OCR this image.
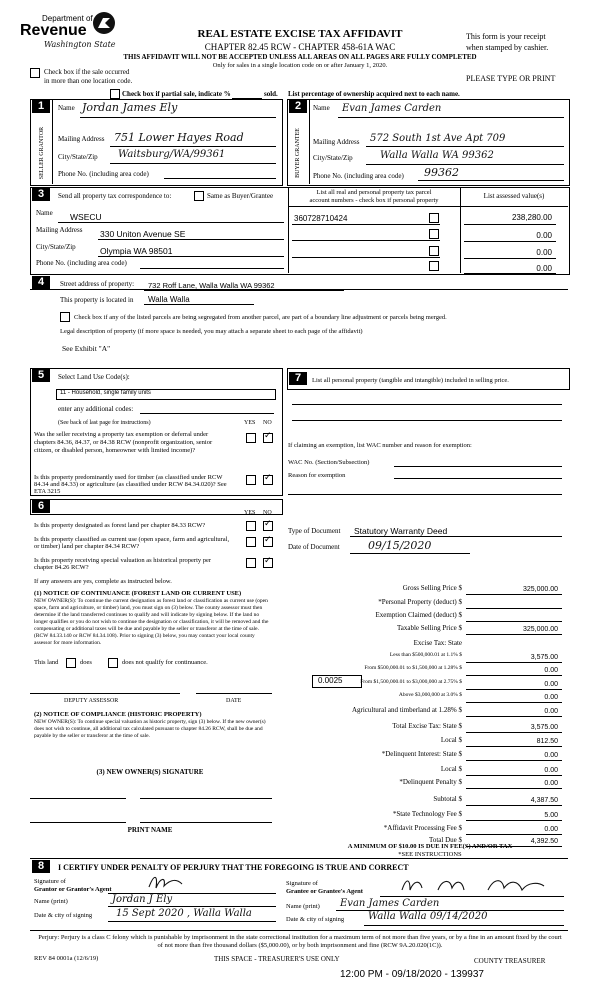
Department of
Revenue
Washington State
REAL ESTATE EXCISE TAX AFFIDAVIT
CHAPTER 82.45 RCW - CHAPTER 458-61A WAC
THIS AFFIDAVIT WILL NOT BE ACCEPTED UNLESS ALL AREAS ON ALL PAGES ARE FULLY COMPLETED
Only for sales in a single location code on or after January 1, 2020.
This form is your receipt
when stamped by cashier.
Check box if the sale occurred
in more than one location code.	PLEASE TYPE OR PRINT
Check box if partial sale, indicate %	sold. List percentage of ownership acquired next to each name.
1
SELLER GRANTOR
Name Jordan James Ely
Mailing Address 751 Lower Hayes Road
City/State/Zip Waitsburg/WA/99361
Phone No. (including area code)
2
BUYER GRANTEE
Name Evan James Carden
Mailing Address 572 South 1st Ave Apt 709
City/State/Zip	Walla Walla WA 99362
Phone No. (including area code) 99362
3	Send all property tax correspondence to:	Same as Buyer/Grantee	List all real and personal property tax parcel
account numbers - check box if personal property
List assessed value(s)
Name WSECU
Mailing Address 330 Uniton Avenue SE
City/State/Zip	Olympia WA 98501
Phone No. (including area code)
360728710424	238,280.00
0.00
0.00
0.00
4	Street address of property: 732 Roff Lane, Walla Walla WA 99362
This property is located in Walla Walla
Check box if any of the listed parcels are being segregated from another parcel, are part of a boundary line adjustment or parcels being merged.
Legal description of property (if more space is needed, you may attach a separate sheet to each page of the affidavit)
See Exhibit "A"
5	Select Land Use Code(s):
11 - Household, single family units
enter any additional codes:
(See back of last page for instructions)	YES NO
Was the seller receiving a property tax exemption or deferral under chapters 84.36, 84.37, or 84.38 RCW (nonprofit organization, senior citizen, or disabled person, homeowner with limited income)?
✓
Is this property predominantly used for timber (as classified under RCW 84.34 and 84.33) or agriculture (as classified under RCW 84.34.020)? See ETA 3215
✓
6
YES NO
Is this property designated as forest land per chapter 84.33 RCW?
✓
Is this property classified as current use (open space, farm and agricultural, or timber) land per chapter 84.34 RCW?
✓
Is this property receiving special valuation as historical property per chapter 84.26 RCW?
✓
If any answers are yes, complete as instructed below.
(1) NOTICE OF CONTINUANCE (FOREST LAND OR CURRENT USE)
NEW OWNER(S): To continue the current designation as forest land or classification as current use (open space, farm and agriculture, or timber) land, you must sign on (3) below. The county assessor must then determine if the land transferred continues to qualify and will indicate by signing below. If the land no longer qualifies or you do not wish to continue the designation or classification, it will be removed and the compensating or additional taxes will be due and payable by the seller or transferor at the time of sale. (RCW 84.33.140 or RCW 84.34.108). Prior to signing (3) below, you may contact your local county assessor for more information.
This land	does	does not qualify for continuance.
DEPUTY ASSESSOR	DATE
(2) NOTICE OF COMPLIANCE (HISTORIC PROPERTY)
NEW OWNER(S): To continue special valuation as historic property, sign (3) below. If the new owner(s) does not wish to continue, all additional tax calculated pursuant to chapter 84.26 RCW, shall be due and payable by the seller or transferor at the time of sale.
(3) NEW OWNER(S) SIGNATURE
PRINT NAME
7	List all personal property (tangible and intangible) included in selling price.
If claiming an exemption, list WAC number and reason for exemption:
WAC No. (Section/Subsection)
Reason for exemption
Type of Document Statutory Warranty Deed
Date of Document	09/15/2020
Gross Selling Price $	325,000.00
*Personal Property (deduct) $
Exemption Claimed (deduct) $
Taxable Selling Price $	325,000.00
Excise Tax: State
Less than $500,000.01 at 1.1% $	3,575.00
From $500,000.01 to $1,500,000 at 1.28% $	0.00
From $1,500,000.01 to $3,000,000 at 2.75% $	0.00
Above $3,000,000 at 3.0% $	0.00
Agricultural and timberland at 1.28% $	0.00
Total Excise Tax: State $	3,575.00
Local $	812.50
*Delinquent Interest: State $	0.00
Local $	0.00
*Delinquent Penalty $	0.00
Subtotal $	4,387.50
*State Technology Fee $	5.00
*Affidavit Processing Fee $	0.00
Total Due $	4,392.50
0.0025
A MINIMUM OF $10.00 IS DUE IN FEE(S) AND/OR TAX
*SEE INSTRUCTIONS
8	I CERTIFY UNDER PENALTY OF PERJURY THAT THE FOREGOING IS TRUE AND CORRECT
Signature of
Grantor or Grantor's Agent
Name (print)	Jordan J Ely
Date & city of signing 15 Sept 2020 , Walla Walla
Signature of
Grantee or Grantee's Agent
Name (print) Evan James Carden
Date & city of signing Walla Walla 09/14/2020
Perjury: Perjury is a class C felony which is punishable by imprisonment in the state correctional institution for a maximum term of not more than five years, or by a fine in an amount fixed by the court of not more than five thousand dollars ($5,000.00), or by both imprisonment and fine (RCW 9A.20.020(1C)).
REV 84 0001a (12/6/19)	THIS SPACE - TREASURER'S USE ONLY	COUNTY TREASURER
12:00 PM - 09/18/2020 - 139937
